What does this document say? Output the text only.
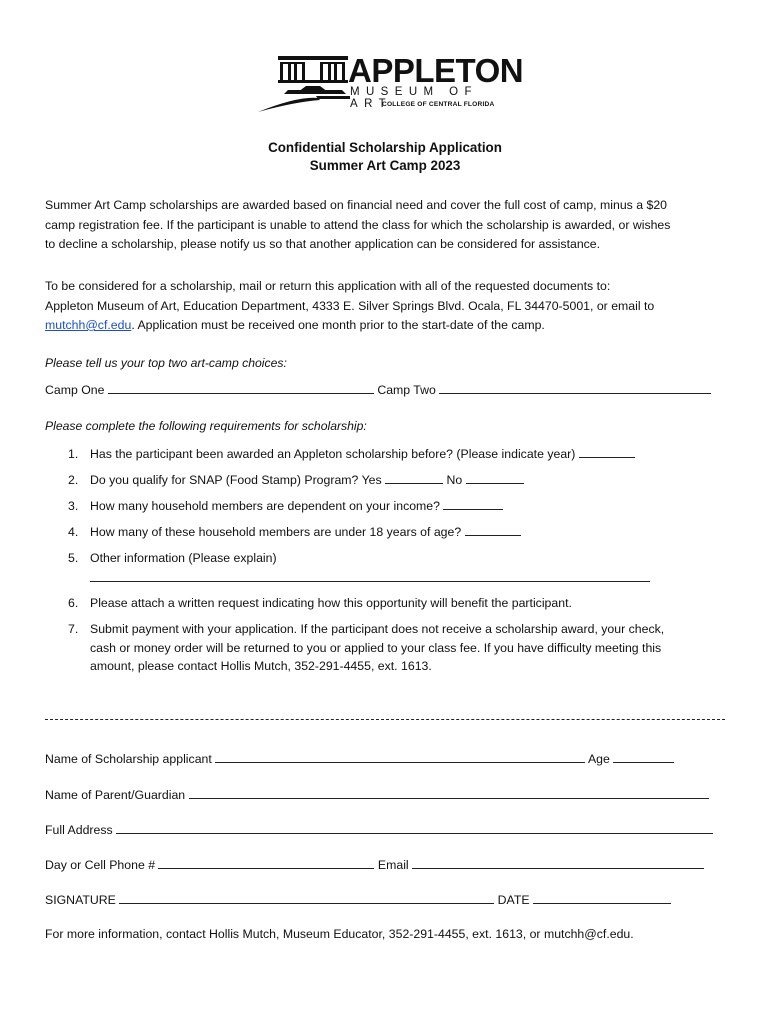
APPLETON
MUSEUM OF ART
COLLEGE OF CENTRAL FLORIDA
Confidential Scholarship Application
Summer Art Camp 2023
Summer Art Camp scholarships are awarded based on financial need and cover the full cost of camp, minus a $20
camp registration fee. If the participant is unable to attend the class for which the scholarship is awarded, or wishes
to decline a scholarship, please notify us so that another application can be considered for assistance.
To be considered for a scholarship, mail or return this application with all of the requested documents to:
Appleton Museum of Art, Education Department, 4333 E. Silver Springs Blvd. Ocala, FL 34470-5001, or email to
mutchh@cf.edu. Application must be received one month prior to the start-date of the camp.
Please tell us your top two art-camp choices:
Camp One	Camp Two
Please complete the following requirements for scholarship:
1. Has the participant been awarded an Appleton scholarship before? (Please indicate year)
2. Do you qualify for SNAP (Food Stamp) Program? Yes	No
3. How many household members are dependent on your income?
4. How many of these household members are under 18 years of age?
5. Other information (Please explain)
6. Please attach a written request indicating how this opportunity will benefit the participant.
7. Submit payment with your application. If the participant does not receive a scholarship award, your check,
cash or money order will be returned to you or applied to your class fee. If you have difficulty meeting this
amount, please contact Hollis Mutch, 352-291-4455, ext. 1613.
Name of Scholarship applicant	Age
Name of Parent/Guardian
Full Address
Day or Cell Phone #	Email
SIGNATURE	DATE
For more information, contact Hollis Mutch, Museum Educator, 352-291-4455, ext. 1613, or mutchh@cf.edu.
